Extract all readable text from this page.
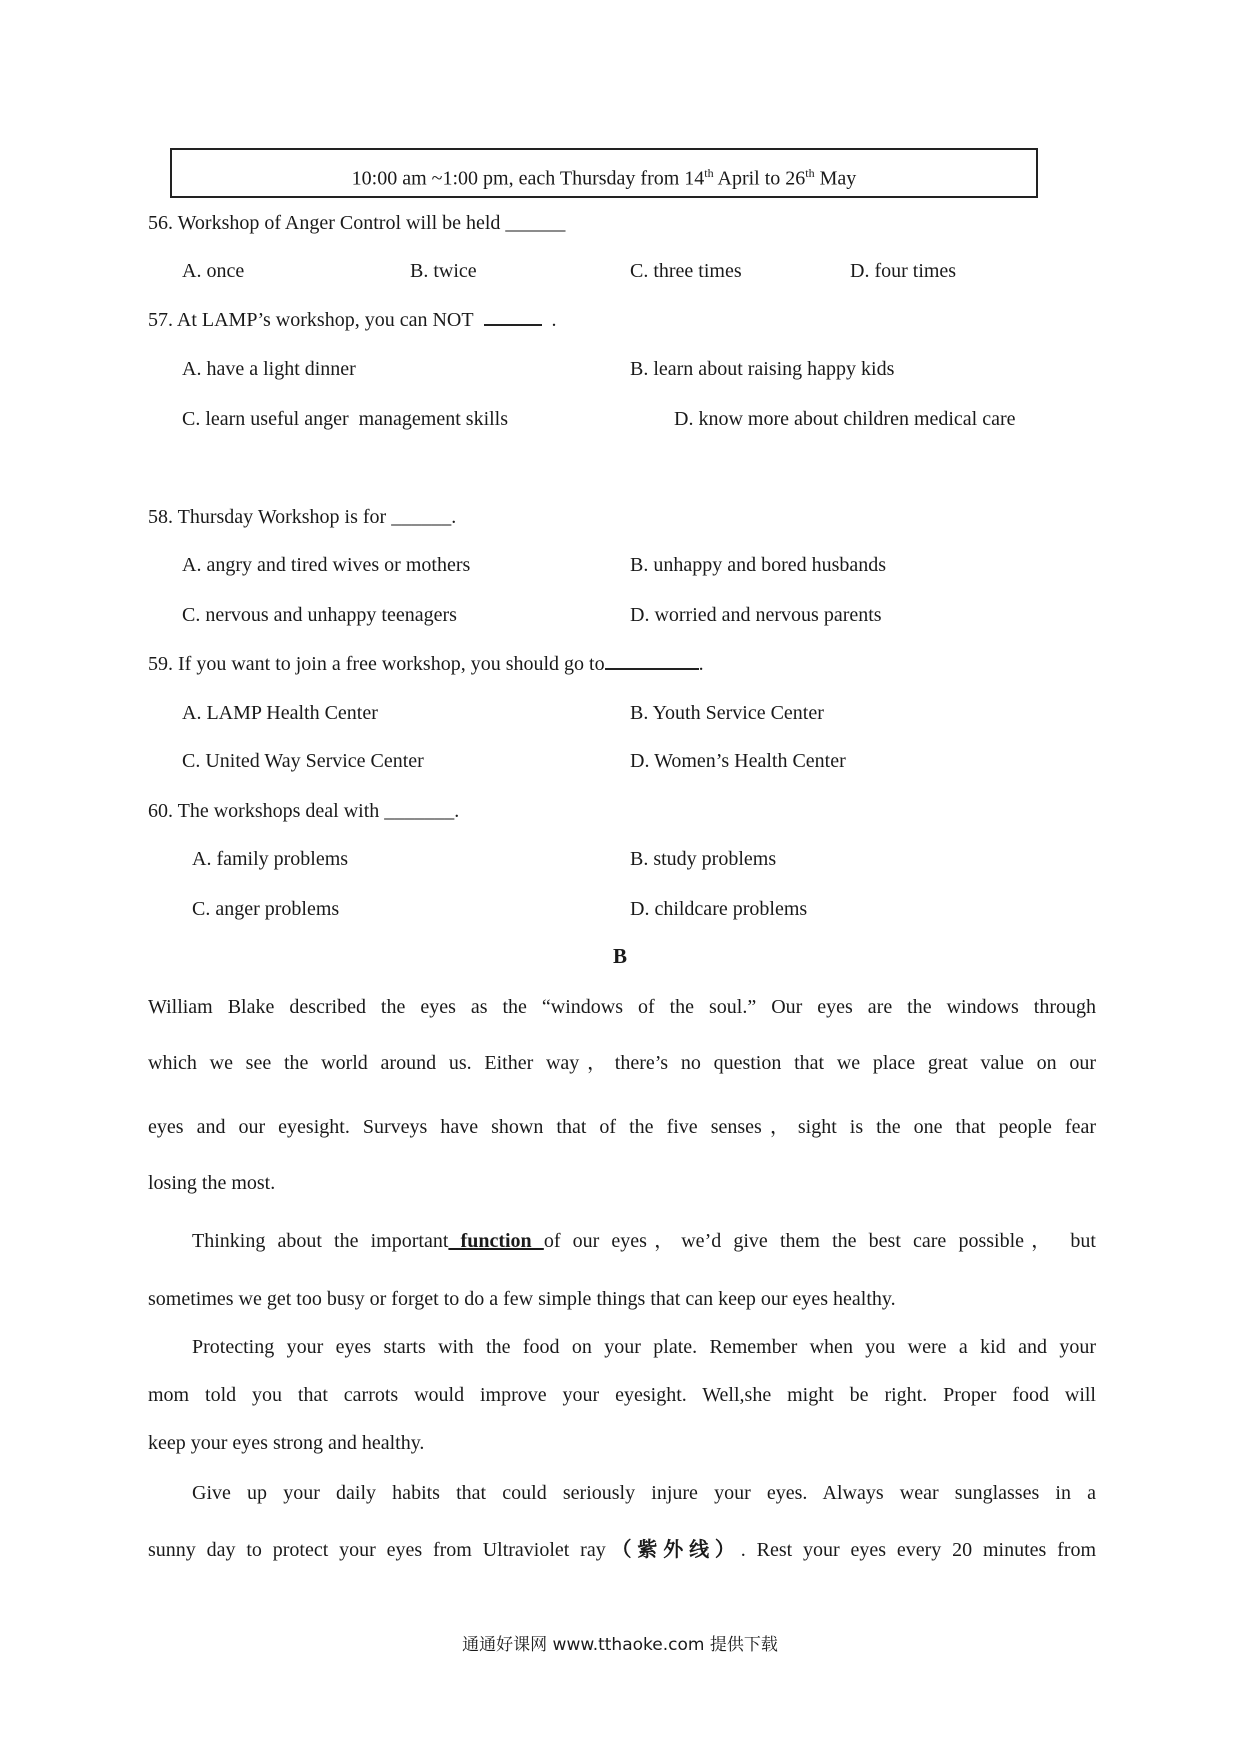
10:00 am ~1:00 pm, each Thursday from 14th April to 26th May
56. Workshop of Anger Control will be held ______
A. once	B. twice	C. three times	D. four times
57. At LAMP’s workshop, you can NOT	.
A. have a light dinner	B. learn about raising happy kids
C. learn useful anger management skills	D. know more about children medical care
58. Thursday Workshop is for ______.
A. angry and tired wives or mothers	B. unhappy and bored husbands
C. nervous and unhappy teenagers	D. worried and nervous parents
59. If you want to join a free workshop, you should go to	.
A. LAMP Health Center	B. Youth Service Center
C. United Way Service Center	D. Women’s Health Center
60. The workshops deal with _______.
A. family problems	B. study problems
C. anger problems	D. childcare problems
B
William Blake described the eyes as the “windows of the soul.” Our eyes are the windows through
which we see the world around us. Either way，there’s no question that we place great value on our
eyes and our eyesight. Surveys have shown that of the five senses，sight is the one that people fear
losing the most.
Thinking about the important function of our eyes，we’d give them the best care possible， but
sometimes we get too busy or forget to do a few simple things that can keep our eyes healthy.
Protecting your eyes starts with the food on your plate. Remember when you were a kid and your
mom told you that carrots would improve your eyesight. Well,she might be right. Proper food will
keep your eyes strong and healthy.
Give up your daily habits that could seriously injure your eyes. Always wear sunglasses in a
sunny day to protect your eyes from Ultraviolet ray（紫外线）. Rest your eyes every 20 minutes from
通通好课网 www.tthaoke.com 提供下载
